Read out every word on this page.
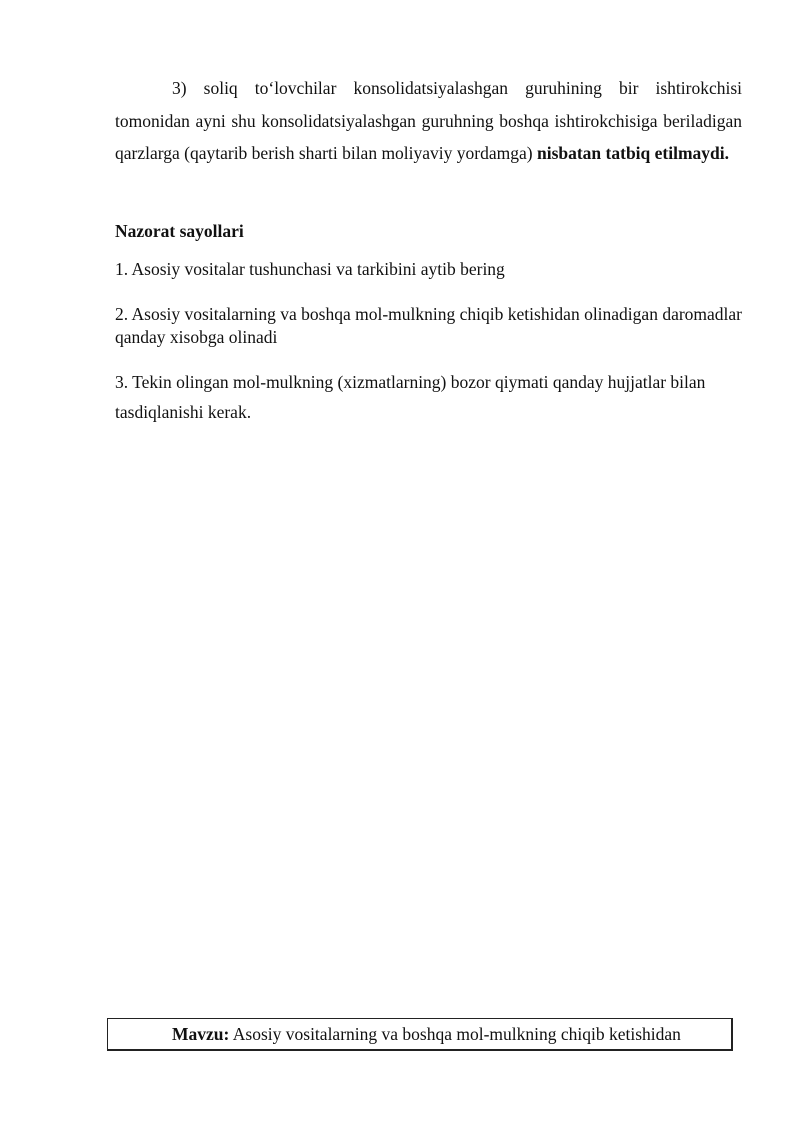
3) soliq to‘lovchilar konsolidatsiyalashgan guruhining bir ishtirokchisi tomonidan ayni shu konsolidatsiyalashgan guruhning boshqa ishtirokchisiga beriladigan qarzlarga (qaytarib berish sharti bilan moliyaviy yordamga) nisbatan tatbiq etilmaydi.

Nazorat sayollari

1. Asosiy vositalar tushunchasi va tarkibini aytib bering

2. Asosiy vositalarning va boshqa mol-mulkning chiqib ketishidan olinadigan daromadlar qanday xisobga olinadi

3. Tekin olingan mol-mulkning (xizmatlarning) bozor qiymati qanday hujjatlar bilan tasdiqlanishi kerak.

Mavzu: Asosiy vositalarning va boshqa mol-mulkning chiqib ketishidan
